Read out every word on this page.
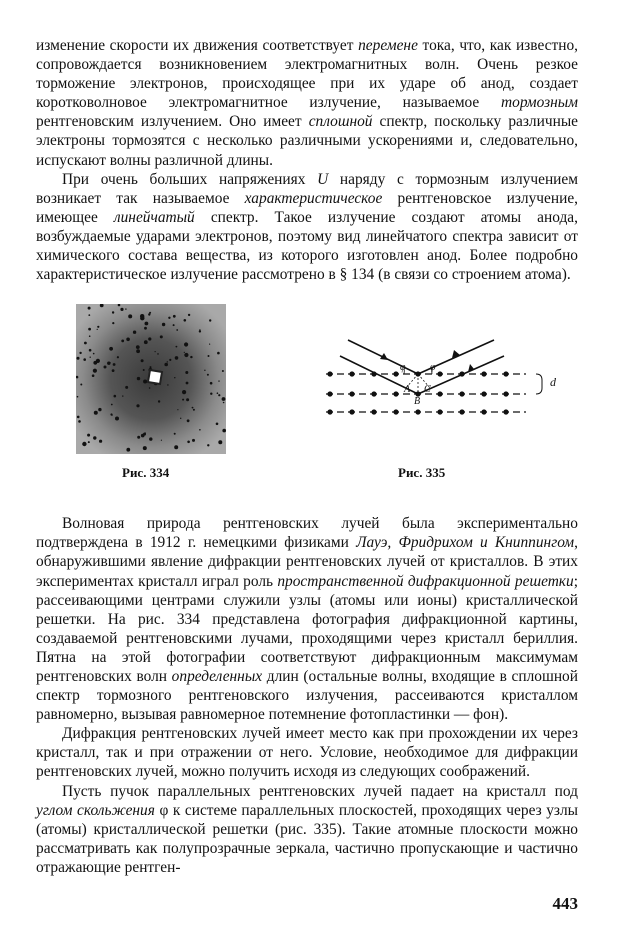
изменение скорости их движения соответствует перемене тока, что, как известно, сопровождается возникновением электромагнитных волн. Очень резкое торможение электронов, происходящее при их ударе об анод, создает коротковолновое электромагнитное излучение, называемое тормозным рентгеновским излучением. Оно имеет сплошной спектр, поскольку различные электроны тормозятся с несколько различными ускорениями и, следовательно, испускают волны различной длины.

При очень больших напряжениях U наряду с тормозным излучением возникает так называемое характеристическое рентгеновское излучение, имеющее линейчатый спектр. Такое излучение создают атомы анода, возбуждаемые ударами электронов, поэтому вид линейчатого спектра зависит от химического состава вещества, из которого изготовлен анод. Более подробно характеристическое излучение рассмотрено в § 134 (в связи со строением атома).

φ φ
A
B
C
d
Рис. 334	Рис. 335

Волновая природа рентгеновских лучей была экспериментально подтверждена в 1912 г. немецкими физиками Лауэ, Фридрихом и Книппингом, обнаружившими явление дифракции рентгеновских лучей от кристаллов. В этих экспериментах кристалл играл роль пространственной дифракционной решетки; рассеивающими центрами служили узлы (атомы или ионы) кристаллической решетки. На рис. 334 представлена фотография дифракционной картины, создаваемой рентгеновскими лучами, проходящими через кристалл бериллия. Пятна на этой фотографии соответствуют дифракционным максимумам рентгеновских волн определенных длин (остальные волны, входящие в сплошной спектр тормозного рентгеновского излучения, рассеиваются кристаллом равномерно, вызывая равномерное потемнение фотопластинки — фон).

Дифракция рентгеновских лучей имеет место как при прохождении их через кристалл, так и при отражении от него. Условие, необходимое для дифракции рентгеновских лучей, можно получить исходя из следующих соображений.

Пусть пучок параллельных рентгеновских лучей падает на кристалл под углом скольжения φ к системе параллельных плоскостей, проходящих через узлы (атомы) кристаллической решетки (рис. 335). Такие атомные плоскости можно рассматривать как полупрозрачные зеркала, частично пропускающие и частично отражающие рентген-

443
